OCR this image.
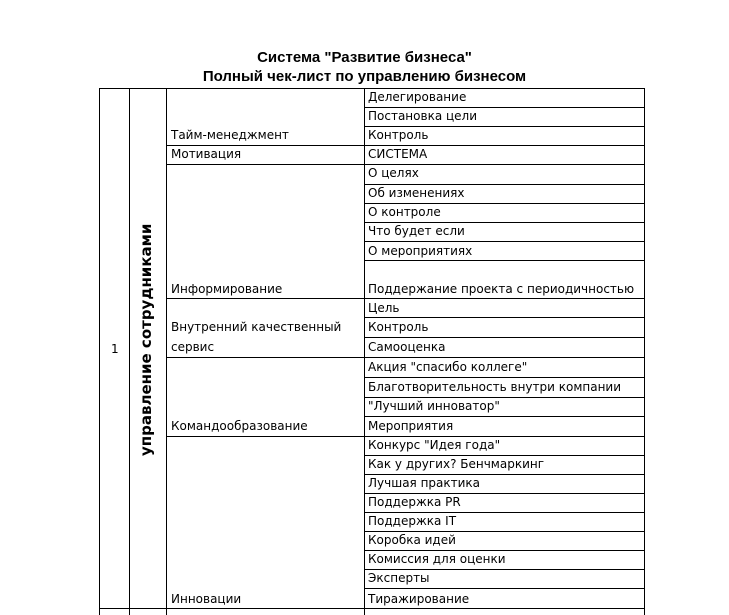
Система "Развитие бизнеса"
Полный чек-лист по управлению бизнесом
1 управление сотрудниками
Тайм-менеджмент
Мотивация
Информирование
Внутренний качественный
сервис
Командообразование
Инновации
Делегирование
Постановка цели
Контроль
СИСТЕМА
О целях
Об изменениях
О контроле
Что будет если
О мероприятиях
Поддержание проекта с периодичностью
Цель
Контроль
Самооценка
Акция "спасибо коллеге"
Благотворительность внутри компании
"Лучший инноватор"
Мероприятия
Конкурс "Идея года"
Как у других? Бенчмаркинг
Лучшая практика
Поддержка PR
Поддержка IT
Коробка идей
Комиссия для оценки
Эксперты
Тиражирование
